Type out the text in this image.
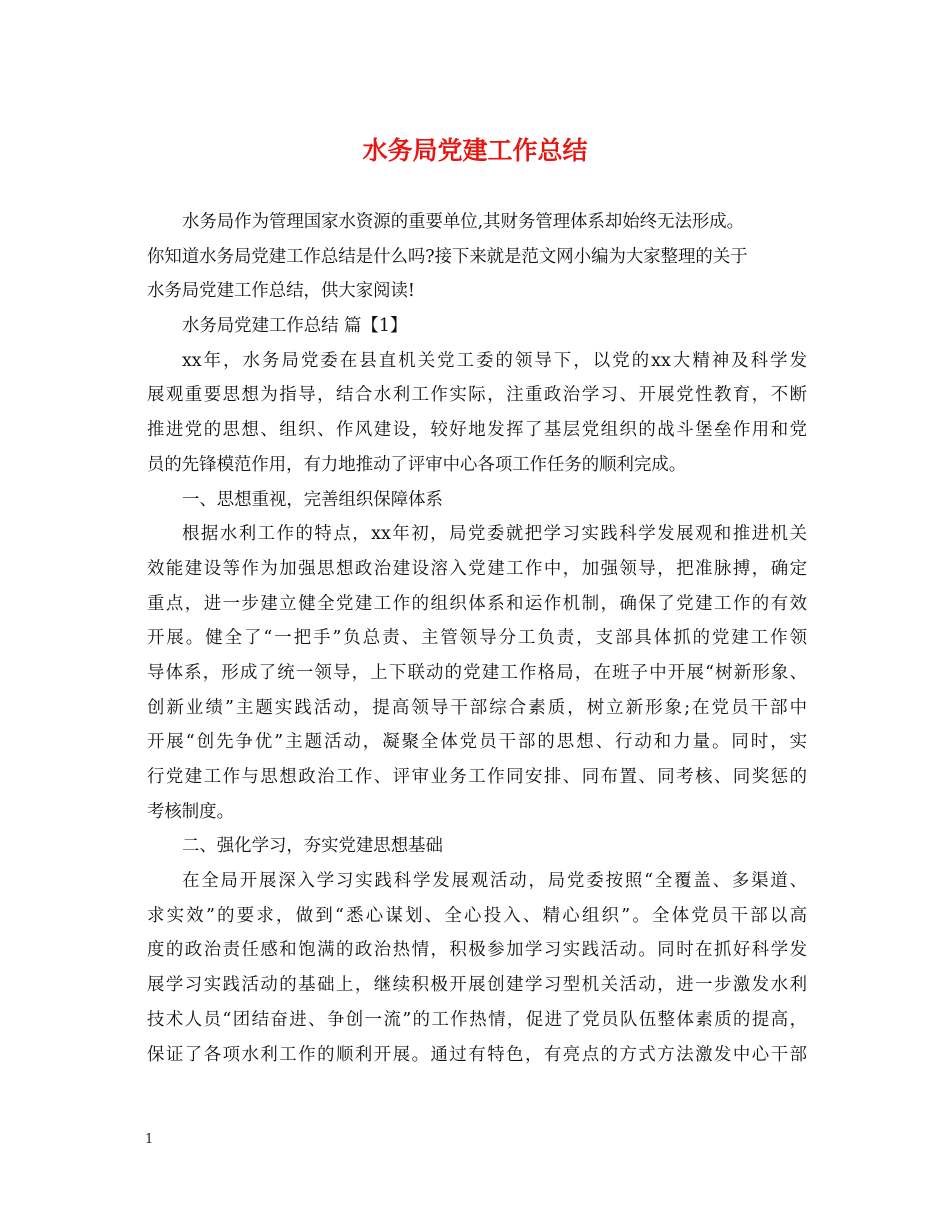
水务局党建工作总结
水务局作为管理国家水资源的重要单位,其财务管理体系却始终无法形成。
你知道水务局党建工作总结是什么吗?接下来就是范文网小编为大家整理的关于
水务局党建工作总结，供大家阅读!
水务局党建工作总结 篇【1】
xx年，水务局党委在县直机关党工委的领导下，以党的xx大精神及科学发
展观重要思想为指导，结合水利工作实际，注重政治学习、开展党性教育，不断
推进党的思想、组织、作风建设，较好地发挥了基层党组织的战斗堡垒作用和党
员的先锋模范作用，有力地推动了评审中心各项工作任务的顺利完成。
一、思想重视，完善组织保障体系
根据水利工作的特点，xx年初，局党委就把学习实践科学发展观和推进机关
效能建设等作为加强思想政治建设溶入党建工作中，加强领导，把准脉搏，确定
重点，进一步建立健全党建工作的组织体系和运作机制，确保了党建工作的有效
开展。健全了“一把手”负总责、主管领导分工负责，支部具体抓的党建工作领
导体系，形成了统一领导，上下联动的党建工作格局，在班子中开展“树新形象、
创新业绩”主题实践活动，提高领导干部综合素质，树立新形象;在党员干部中
开展“创先争优”主题活动，凝聚全体党员干部的思想、行动和力量。同时，实
行党建工作与思想政治工作、评审业务工作同安排、同布置、同考核、同奖惩的
考核制度。
二、强化学习，夯实党建思想基础
在全局开展深入学习实践科学发展观活动，局党委按照“全覆盖、多渠道、
求实效”的要求，做到“悉心谋划、全心投入、精心组织”。全体党员干部以高
度的政治责任感和饱满的政治热情，积极参加学习实践活动。同时在抓好科学发
展学习实践活动的基础上，继续积极开展创建学习型机关活动，进一步激发水利
技术人员“团结奋进、争创一流”的工作热情，促进了党员队伍整体素质的提高，
保证了各项水利工作的顺利开展。通过有特色，有亮点的方式方法激发中心干部
1
